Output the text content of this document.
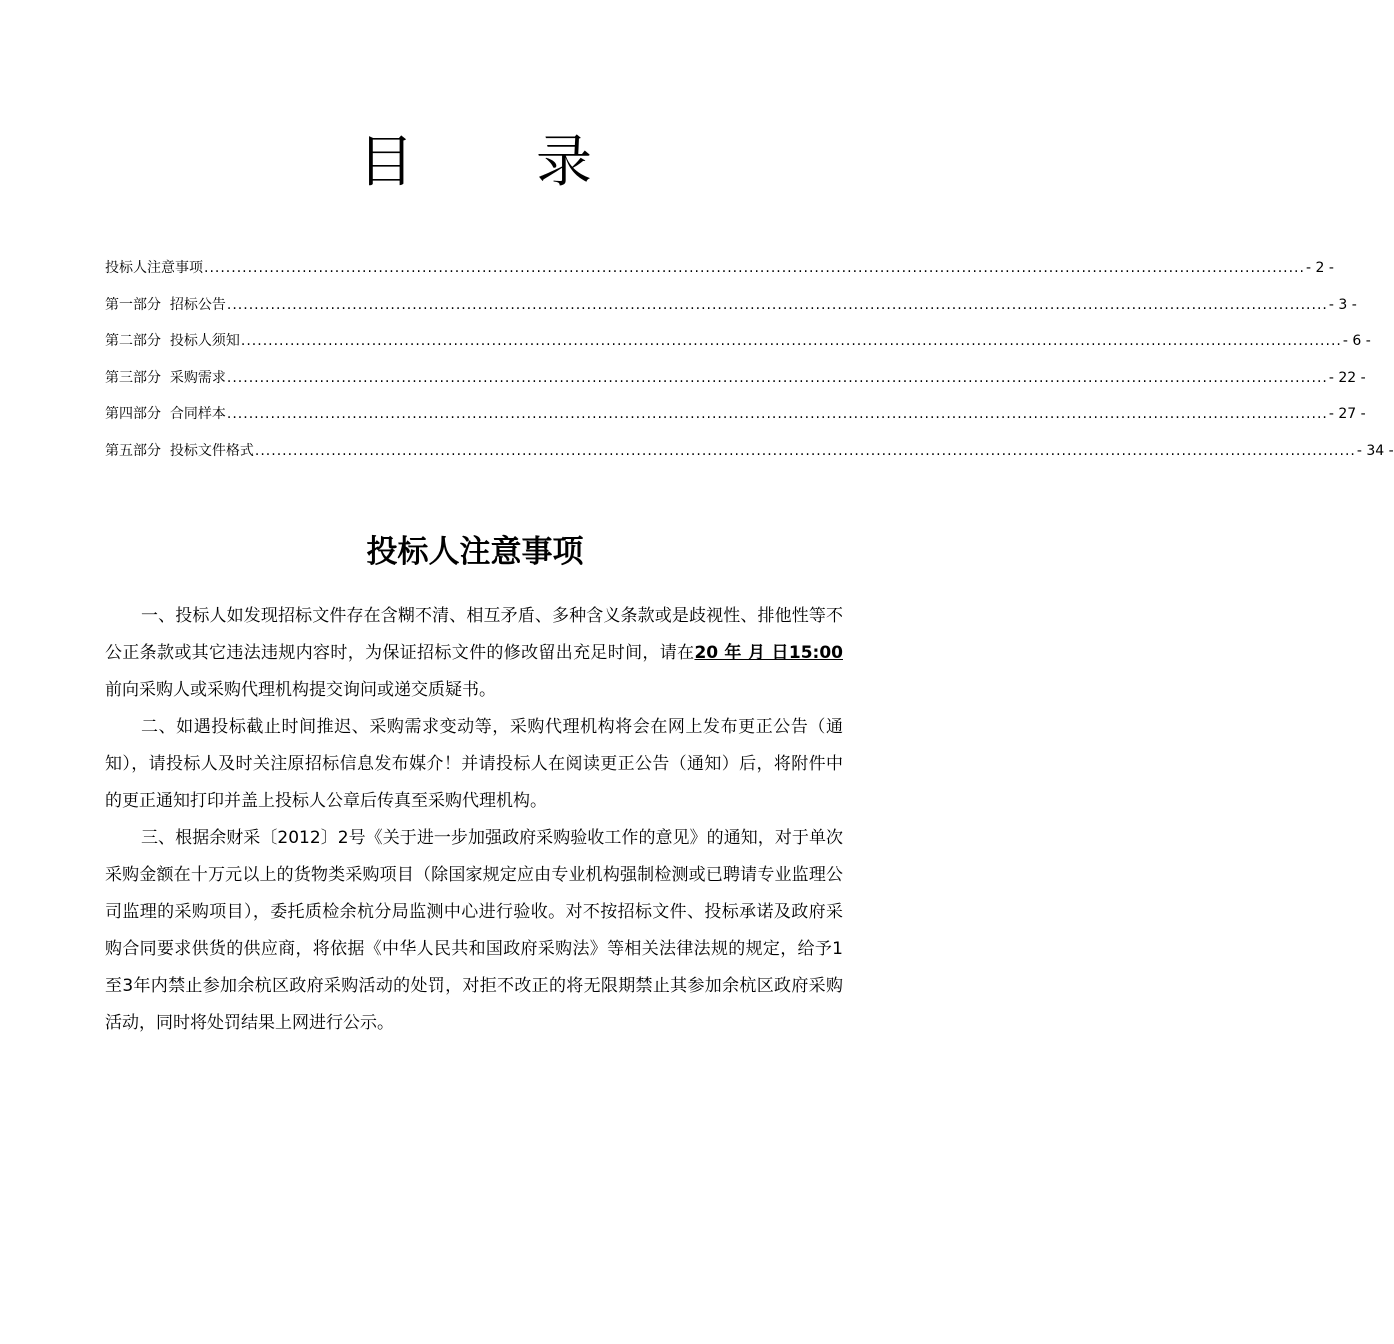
目 录
投标人注意事项 .......................................................................................................................................................................................................... - 2 -
第一部分  招标公告 .......................................................................................................................................................................................................... - 3 -
第二部分  投标人须知 .......................................................................................................................................................................................................... - 6 -
第三部分  采购需求 .......................................................................................................................................................................................................... - 22 -
第四部分  合同样本 .......................................................................................................................................................................................................... - 27 -
第五部分  投标文件格式 .......................................................................................................................................................................................................... - 34 -
投标人注意事项

一、投标人如发现招标文件存在含糊不清、相互矛盾、多种含义条款或是歧视性、排他性等不公正条款或其它违法违规内容时，为保证招标文件的修改留出充足时间，请在20 年 月 日15:00前向采购人或采购代理机构提交询问或递交质疑书。

二、如遇投标截止时间推迟、采购需求变动等，采购代理机构将会在网上发布更正公告（通知），请投标人及时关注原招标信息发布媒介！并请投标人在阅读更正公告（通知）后，将附件中的更正通知打印并盖上投标人公章后传真至采购代理机构。

三、根据余财采〔2012〕2号《关于进一步加强政府采购验收工作的意见》的通知，对于单次采购金额在十万元以上的货物类采购项目（除国家规定应由专业机构强制检测或已聘请专业监理公司监理的采购项目），委托质检余杭分局监测中心进行验收。对不按招标文件、投标承诺及政府采购合同要求供货的供应商，将依据《中华人民共和国政府采购法》等相关法律法规的规定，给予1至3年内禁止参加余杭区政府采购活动的处罚，对拒不改正的将无限期禁止其参加余杭区政府采购活动，同时将处罚结果上网进行公示。
